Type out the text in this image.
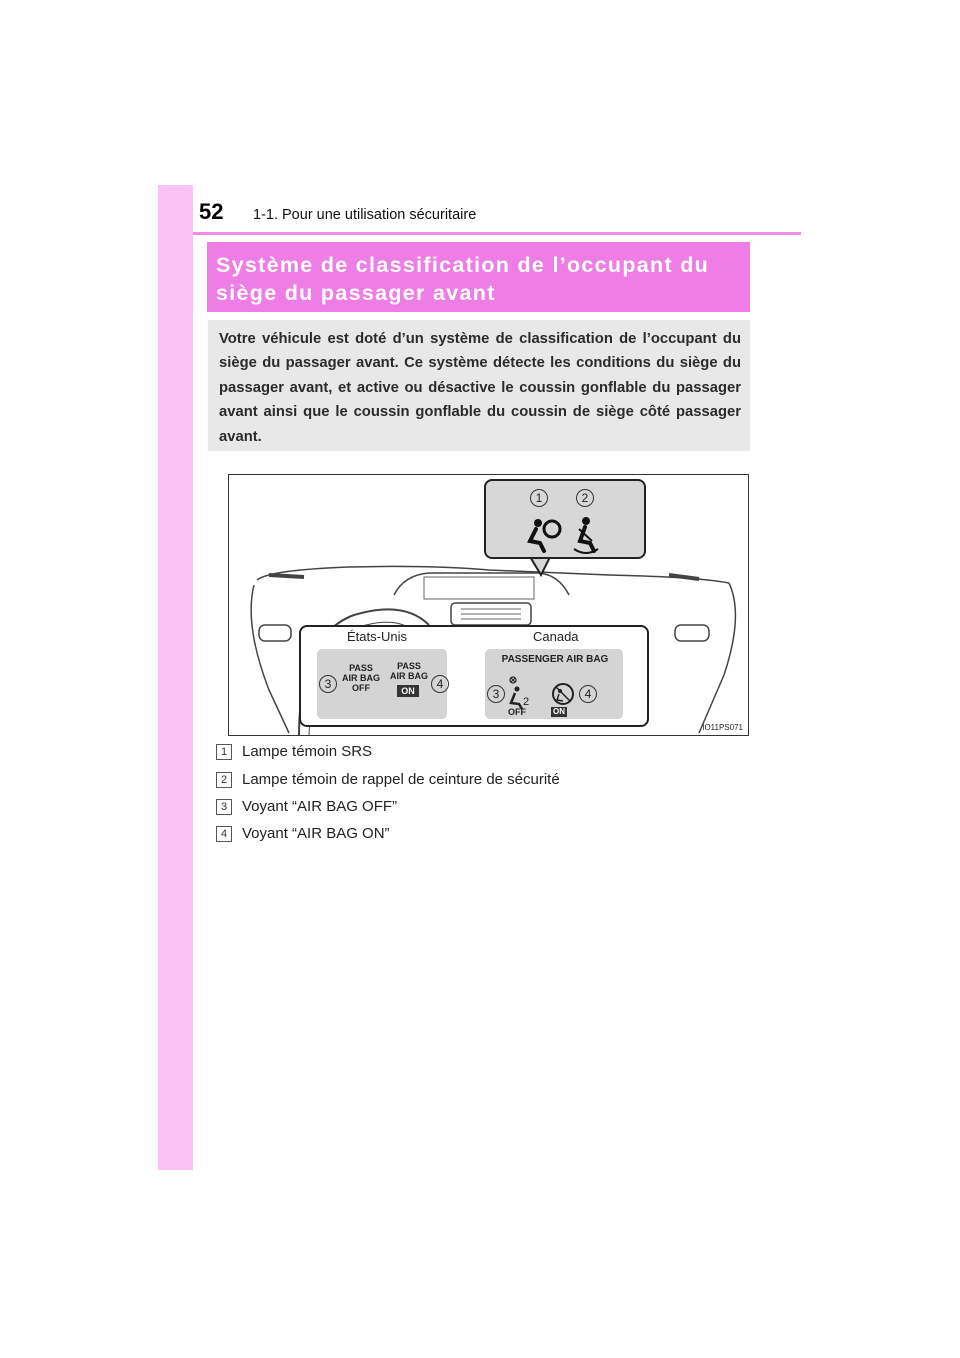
52 1-1. Pour une utilisation sécuritaire
Système de classification de l’occupant du
siège du passager avant
Votre véhicule est doté d’un système de classification de l’occupant du siège du passager avant. Ce système détecte les conditions du siège du passager avant, et active ou désactive le coussin gonflable du passager avant ainsi que le coussin gonflable du coussin de siège côté passager avant.
1	2
États-Unis	Canada
3
PASS
AIR BAG
OFF
PASS
AIR BAG
ON	4
PASSENGER AIR BAG
3
2
OFF	ON
4
IO11PS071
1 Lampe témoin SRS
2 Lampe témoin de rappel de ceinture de sécurité
3 Voyant “AIR BAG OFF”
4 Voyant “AIR BAG ON”
